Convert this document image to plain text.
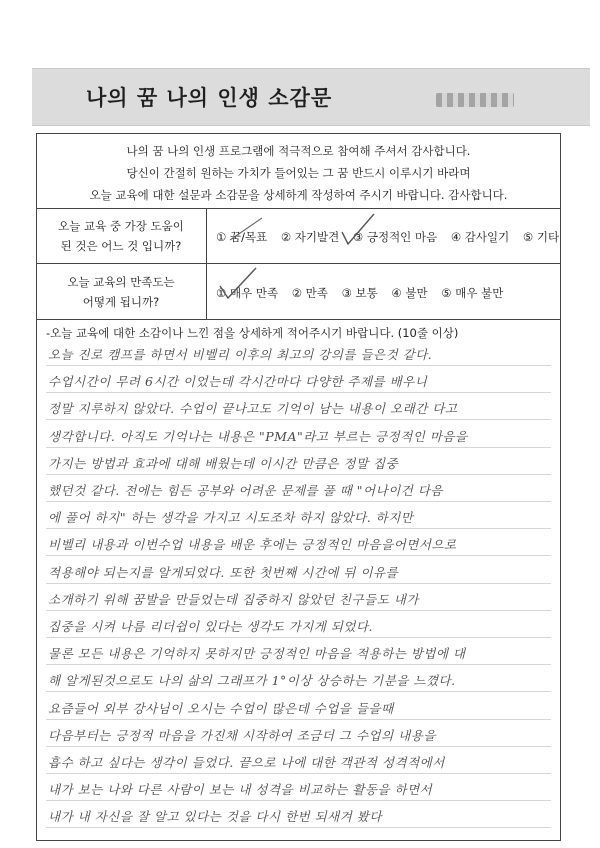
나의 꿈 나의 인생 소감문
나의 꿈 나의 인생 프로그램에 적극적으로 참여해 주셔서 감사합니다.
당신이 간절히 원하는 가치가 들어있는 그 꿈 반드시 이루시기 바라며
오늘 교육에 대한 설문과 소감문을 상세하게 작성하여 주시기 바랍니다. 감사합니다.
오늘 교육 중 가장 도움이
된 것은 어느 것 입니까?
① 꿈/목표 ② 자기발견 ③ 긍정적인 마음 ④ 감사일기 ⑤ 기타
오늘 교육의 만족도는
어떻게 됩니까?
① 매우 만족 ② 만족 ③ 보통 ④ 불만 ⑤ 매우 불만
-오늘 교육에 대한 소감이나 느낀 점을 상세하게 적어주시기 바랍니다. (10줄 이상)
오늘 진로 캠프를 하면서 비벨리 이후의 최고의 강의를 들은것 같다.
수업시간이 무려 6시간 이었는데 각시간마다 다양한 주제를 배우니
정말 지루하지 않았다. 수업이 끝나고도 기억이 남는 내용이 오래간 다고
생각합니다. 아직도 기억나는 내용은 "PMA"라고 부르는 긍정적인 마음을
가지는 방법과 효과에 대해 배웠는데 이시간 만큼은 정말 집중
했던것 같다. 전에는 힘든 공부와 어려운 문제를 풀 때 "어나이건 다음
에 풀어 하지" 하는 생각을 가지고 시도조차 하지 않았다. 하지만
비벨리 내용과 이번수업 내용을 배운 후에는 긍정적인 마음을어면서으로
적용해야 되는지를 알게되었다. 또한 첫번째 시간에 뒤 이유를
소개하기 위해 꿈발을 만들었는데 집중하지 않았던 친구들도 내가
집중을 시켜 나름 리더쉽이 있다는 생각도 가지게 되었다.
물론 모든 내용은 기억하지 못하지만 긍정적인 마음을 적용하는 방법에 대
해 알게된것으로도 나의 삶의 그래프가 1°이상 상승하는 기분을 느꼈다.
요즘들어 외부 강사님이 오시는 수업이 많은데 수업을 들을때
다음부터는 긍정적 마음을 가진채 시작하여 조금더 그 수업의 내용을
흡수 하고 싶다는 생각이 들었다. 끝으로 나에 대한 객관적 성격적에서
내가 보는 나와 다른 사람이 보는 내 성격을 비교하는 활동을 하면서
내가 내 자신을 잘 알고 있다는 것을 다시 한번 되새겨 봤다
